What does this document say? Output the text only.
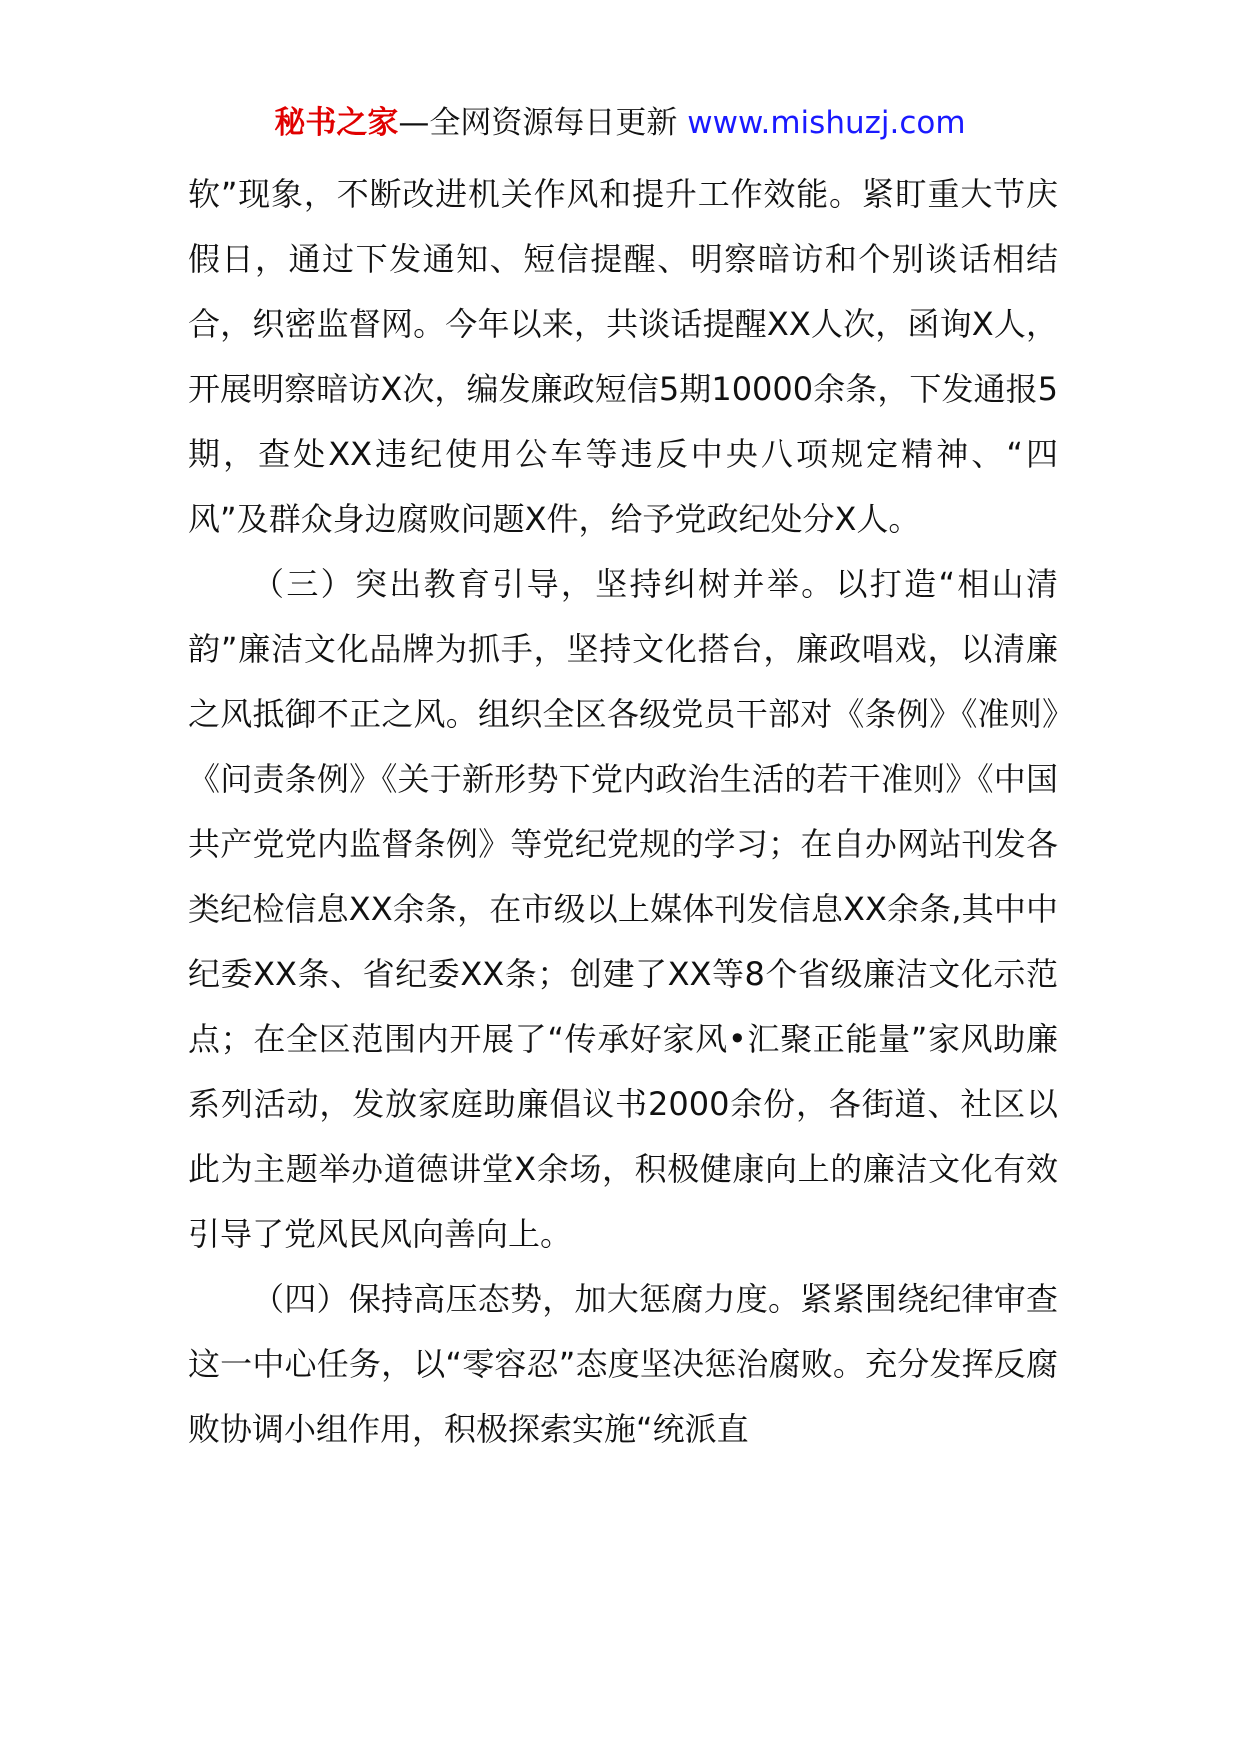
秘书之家—全网资源每日更新 www.mishuzj.com

软”现象，不断改进机关作风和提升工作效能。紧盯重大节庆假日，通过下发通知、短信提醒、明察暗访和个别谈话相结合，织密监督网。今年以来，共谈话提醒XX人次，函询X人，开展明察暗访X次，编发廉政短信5期10000余条，下发通报5期，查处XX违纪使用公车等违反中央八项规定精神、“四风”及群众身边腐败问题X件，给予党政纪处分X人。

（三）突出教育引导，坚持纠树并举。以打造“相山清韵”廉洁文化品牌为抓手，坚持文化搭台，廉政唱戏，以清廉之风抵御不正之风。组织全区各级党员干部对《条例》《准则》《问责条例》《关于新形势下党内政治生活的若干准则》《中国共产党党内监督条例》等党纪党规的学习；在自办网站刊发各类纪检信息XX余条，在市级以上媒体刊发信息XX余条,其中中纪委XX条、省纪委XX条；创建了XX等8个省级廉洁文化示范点；在全区范围内开展了“传承好家风•汇聚正能量”家风助廉系列活动，发放家庭助廉倡议书2000余份，各街道、社区以此为主题举办道德讲堂X余场，积极健康向上的廉洁文化有效引导了党风民风向善向上。

（四）保持高压态势，加大惩腐力度。紧紧围绕纪律审查这一中心任务，以“零容忍”态度坚决惩治腐败。充分发挥反腐败协调小组作用，积极探索实施“统派直
